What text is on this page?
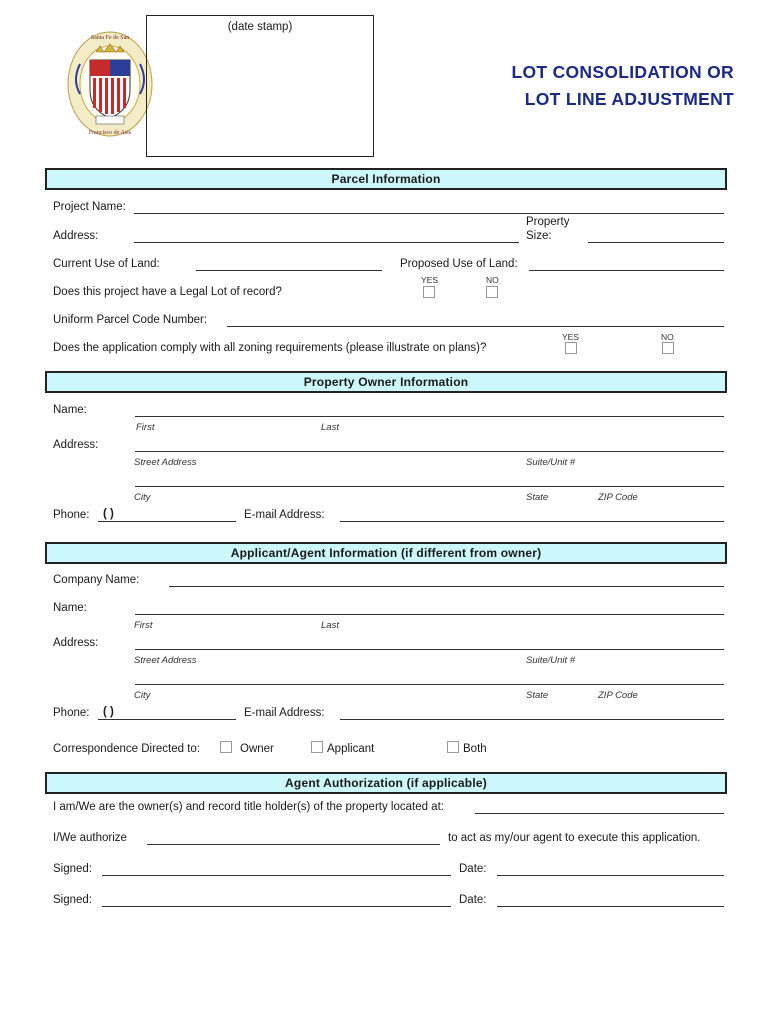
Santa Fe de San
Francisco de Asis
(date stamp)
LOT CONSOLIDATION OR
LOT LINE ADJUSTMENT
Parcel Information
Project Name:
Address:
Property
Size:
Current Use of Land:	Proposed Use of Land:
YES	NO
Does this project have a Legal Lot of record?
Uniform Parcel Code Number:
YES	NO
Does the application comply with all zoning requirements (please illustrate on plans)?
Property Owner Information
Name:
First	Last
Address:
Street Address	Suite/Unit #
City	State	ZIP Code
Phone: ( )	E-mail Address:
Applicant/Agent Information (if different from owner)
Company Name:
Name:
First	Last
Address:
Street Address	Suite/Unit #
City	State	ZIP Code
Phone: ( )	E-mail Address:
Correspondence Directed to:	Owner	Applicant	Both
Agent Authorization (if applicable)
I am/We are the owner(s) and record title holder(s) of the property located at:
I/We authorize	to act as my/our agent to execute this application.
Signed:	Date:
Signed:	Date:
